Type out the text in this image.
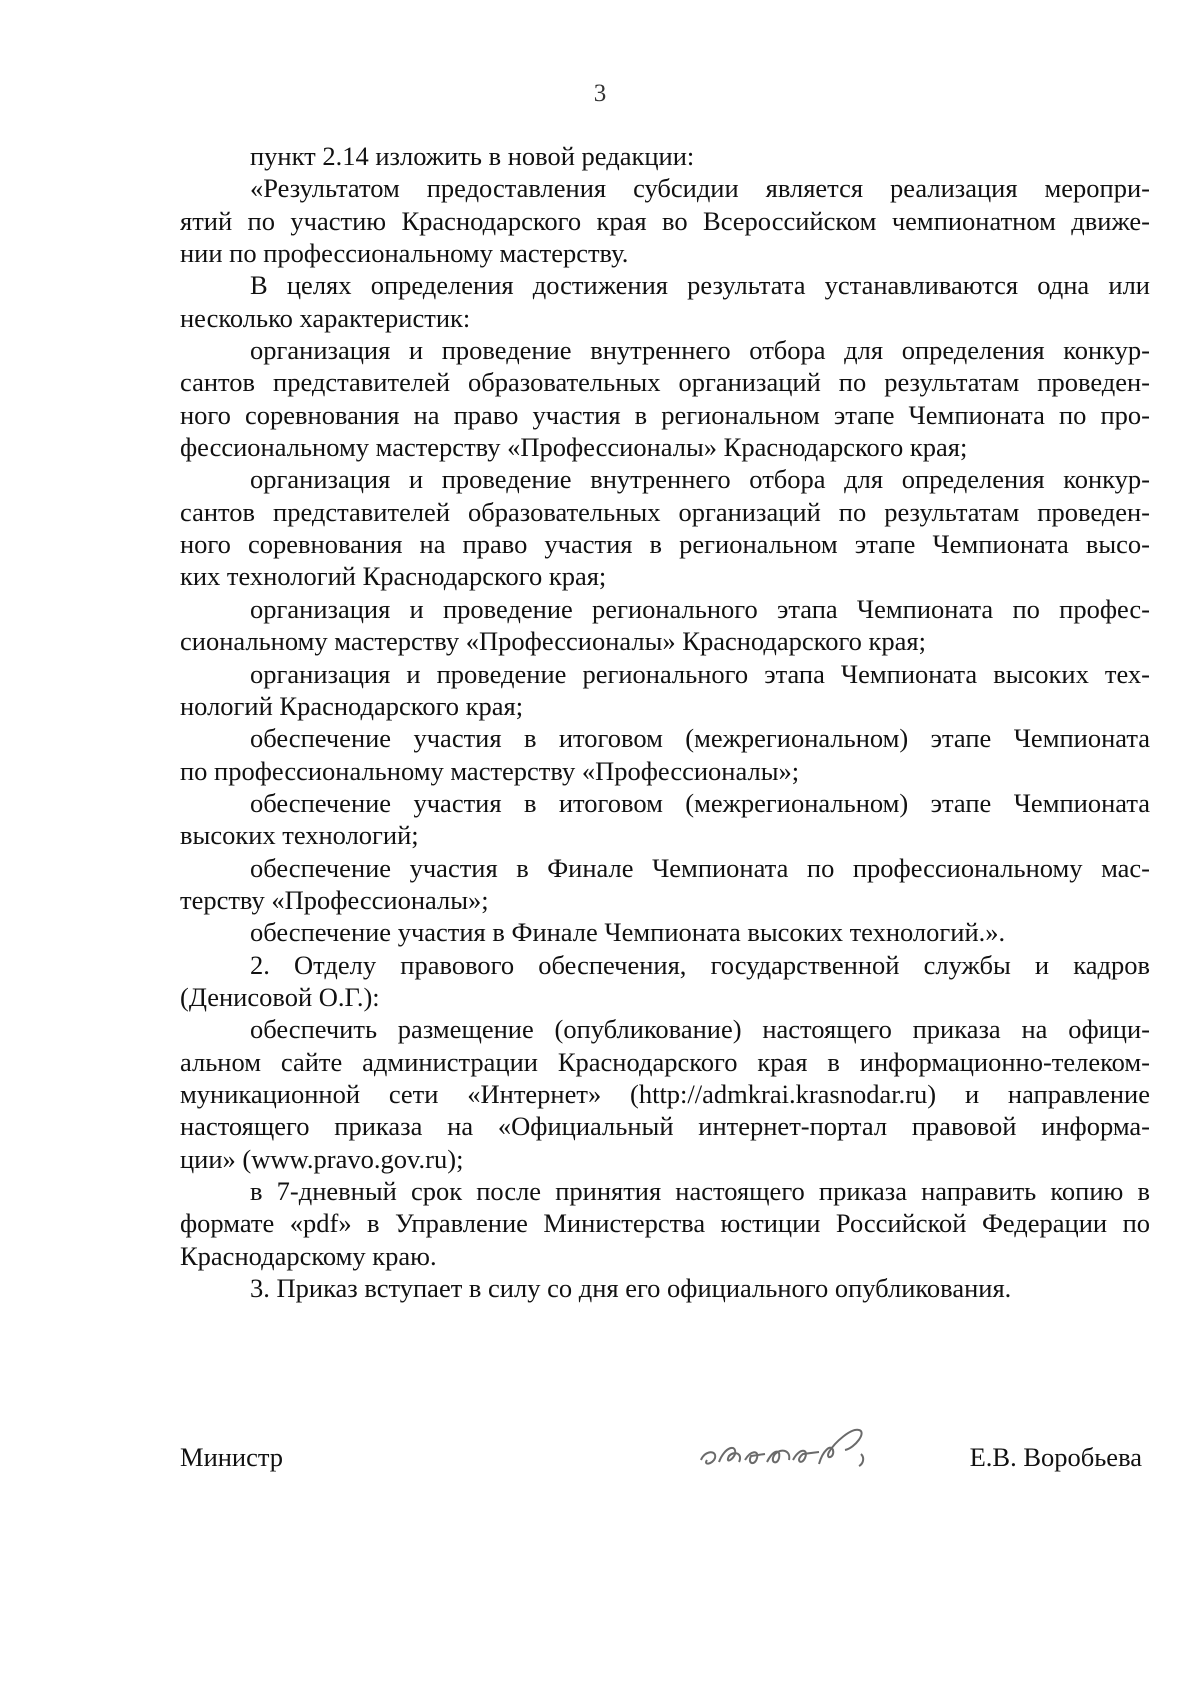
3
пункт 2.14 изложить в новой редакции:
«Результатом предоставления субсидии является реализация меропри-
ятий по участию Краснодарского края во Всероссийском чемпионатном движе-
нии по профессиональному мастерству.
В целях определения достижения результата устанавливаются одна или
несколько характеристик:
организация и проведение внутреннего отбора для определения конкур-
сантов представителей образовательных организаций по результатам проведен-
ного соревнования на право участия в региональном этапе Чемпионата по про-
фессиональному мастерству «Профессионалы» Краснодарского края;
организация и проведение внутреннего отбора для определения конкур-
сантов представителей образовательных организаций по результатам проведен-
ного соревнования на право участия в региональном этапе Чемпионата высо-
ких технологий Краснодарского края;
организация и проведение регионального этапа Чемпионата по профес-
сиональному мастерству «Профессионалы» Краснодарского края;
организация и проведение регионального этапа Чемпионата высоких тех-
нологий Краснодарского края;
обеспечение участия в итоговом (межрегиональном) этапе Чемпионата
по профессиональному мастерству «Профессионалы»;
обеспечение участия в итоговом (межрегиональном) этапе Чемпионата
высоких технологий;
обеспечение участия в Финале Чемпионата по профессиональному мас-
терству «Профессионалы»;
обеспечение участия в Финале Чемпионата высоких технологий.».
2. Отделу правового обеспечения, государственной службы и кадров
(Денисовой О.Г.):
обеспечить размещение (опубликование) настоящего приказа на офици-
альном сайте администрации Краснодарского края в информационно-телеком-
муникационной сети «Интернет» (http://admkrai.krasnodar.ru) и направление
настоящего приказа на «Официальный интернет-портал правовой информа-
ции» (www.pravo.gov.ru);
в 7-дневный срок после принятия настоящего приказа направить копию в
формате «pdf» в Управление Министерства юстиции Российской Федерации по
Краснодарскому краю.
3. Приказ вступает в силу со дня его официального опубликования.
Министр	Е.В. Воробьева
